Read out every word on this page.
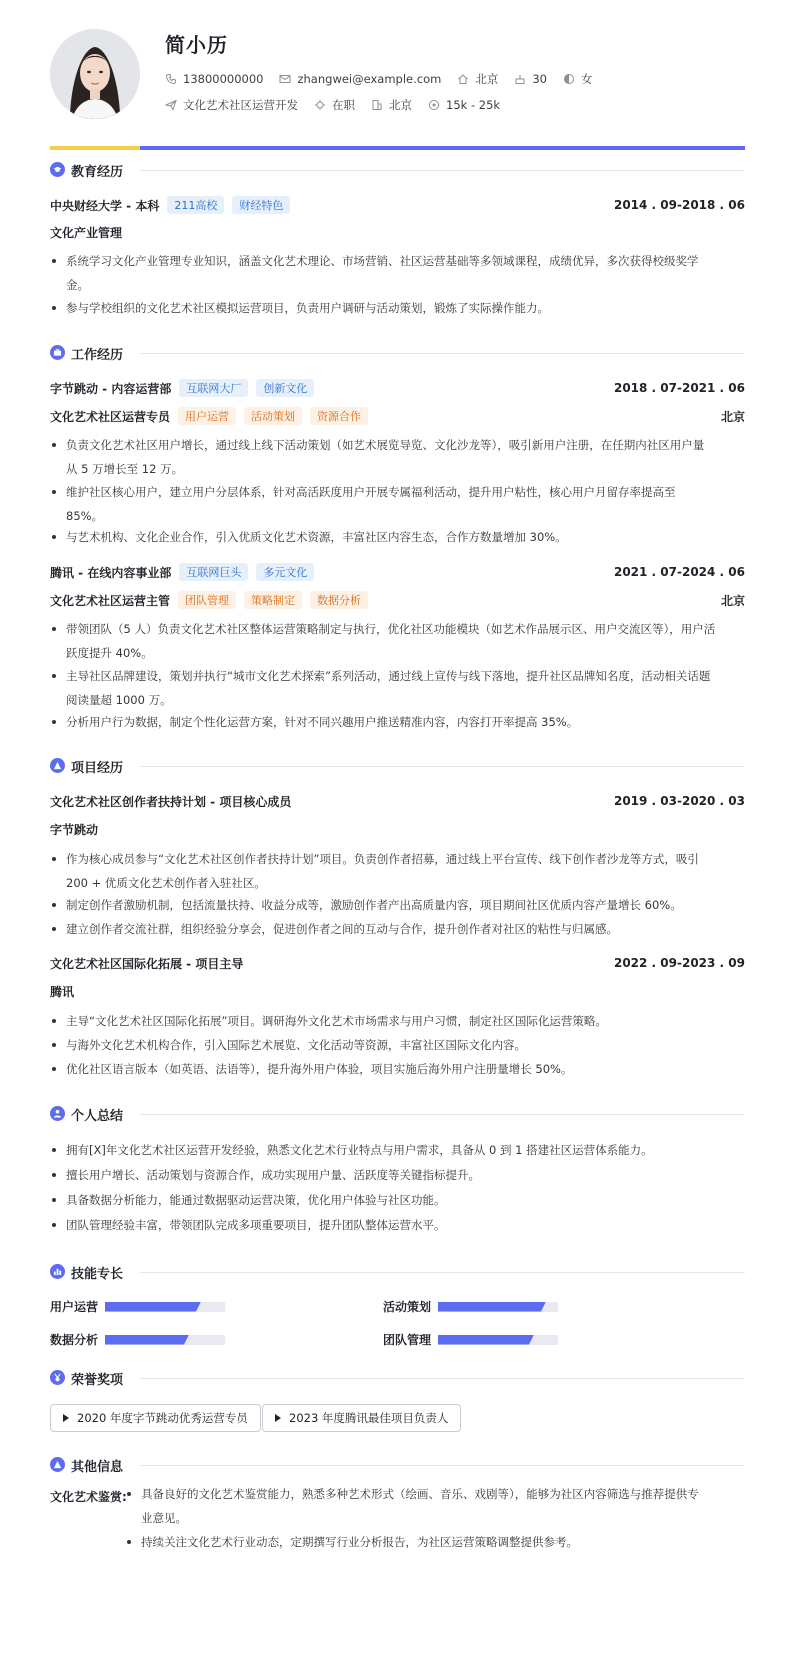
简小历
13800000000	zhangwei@example.com	北京	30	女
文化艺术社区运营开发	在职	北京	15k - 25k
教育经历
中央财经大学 - 本科	211高校	财经特色	2014 . 09-2018 . 06
文化产业管理
系统学习文化产业管理专业知识，涵盖文化艺术理论、市场营销、社区运营基础等多领域课程，成绩优异，多次获得校级奖学
金。
参与学校组织的文化艺术社区模拟运营项目，负责用户调研与活动策划，锻炼了实际操作能力。
工作经历
字节跳动 - 内容运营部	互联网大厂	创新文化	2018 . 07-2021 . 06
文化艺术社区运营专员	用户运营	活动策划	资源合作	北京
负责文化艺术社区用户增长，通过线上线下活动策划（如艺术展览导览、文化沙龙等），吸引新用户注册，在任期内社区用户量
从 5 万增长至 12 万。
维护社区核心用户，建立用户分层体系，针对高活跃度用户开展专属福利活动，提升用户粘性，核心用户月留存率提高至
85%。
与艺术机构、文化企业合作，引入优质文化艺术资源，丰富社区内容生态，合作方数量增加 30%。
腾讯 - 在线内容事业部	互联网巨头	多元文化	2021 . 07-2024 . 06
文化艺术社区运营主管	团队管理	策略制定	数据分析	北京
带领团队（5 人）负责文化艺术社区整体运营策略制定与执行，优化社区功能模块（如艺术作品展示区、用户交流区等），用户活
跃度提升 40%。
主导社区品牌建设，策划并执行“城市文化艺术探索”系列活动，通过线上宣传与线下落地，提升社区品牌知名度，活动相关话题
阅读量超 1000 万。
分析用户行为数据，制定个性化运营方案，针对不同兴趣用户推送精准内容，内容打开率提高 35%。
项目经历
文化艺术社区创作者扶持计划 - 项目核心成员	2019 . 03-2020 . 03
字节跳动
作为核心成员参与“文化艺术社区创作者扶持计划”项目。负责创作者招募，通过线上平台宣传、线下创作者沙龙等方式，吸引
200 + 优质文化艺术创作者入驻社区。
制定创作者激励机制，包括流量扶持、收益分成等，激励创作者产出高质量内容，项目期间社区优质内容产量增长 60%。
建立创作者交流社群，组织经验分享会，促进创作者之间的互动与合作，提升创作者对社区的粘性与归属感。
文化艺术社区国际化拓展 - 项目主导	2022 . 09-2023 . 09
腾讯
主导“文化艺术社区国际化拓展”项目。调研海外文化艺术市场需求与用户习惯，制定社区国际化运营策略。
与海外文化艺术机构合作，引入国际艺术展览、文化活动等资源，丰富社区国际文化内容。
优化社区语言版本（如英语、法语等），提升海外用户体验，项目实施后海外用户注册量增长 50%。
个人总结
拥有[X]年文化艺术社区运营开发经验，熟悉文化艺术行业特点与用户需求，具备从 0 到 1 搭建社区运营体系能力。
擅长用户增长、活动策划与资源合作，成功实现用户量、活跃度等关键指标提升。
具备数据分析能力，能通过数据驱动运营决策，优化用户体验与社区功能。
团队管理经验丰富，带领团队完成多项重要项目，提升团队整体运营水平。
技能专长
用户运营	活动策划
数据分析	团队管理
荣誉奖项
2020 年度字节跳动优秀运营专员	2023 年度腾讯最佳项目负责人
其他信息
文化艺术鉴赏:	具备良好的文化艺术鉴赏能力，熟悉多种艺术形式（绘画、音乐、戏剧等），能够为社区内容筛选与推荐提供专
业意见。
持续关注文化艺术行业动态，定期撰写行业分析报告，为社区运营策略调整提供参考。
